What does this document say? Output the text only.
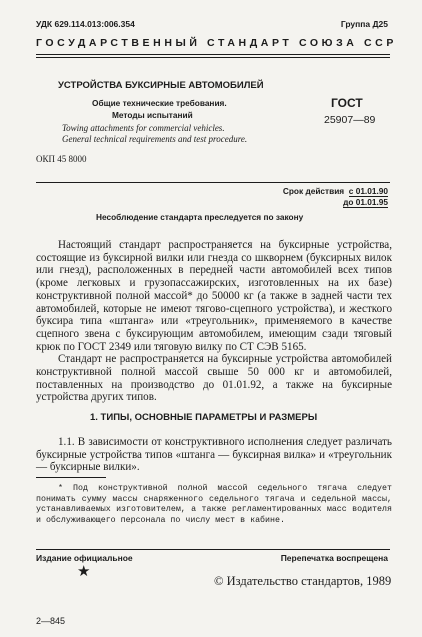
УДК 629.114.013:006.354	Группа Д25
ГОСУДАРСТВЕННЫЙ СТАНДАРТ СОЮЗА ССР
УСТРОЙСТВА БУКСИРНЫЕ АВТОМОБИЛЕЙ
Общие технические требования.
Методы испытаний
Towing attachments for commercial vehicles.
General technical requirements and test procedure.
ГОСТ
25907—89
ОКП 45 8000
Срок действия с 01.01.90
до 01.01.95
Несоблюдение стандарта преследуется по закону

Настоящий стандарт распространяется на буксирные устройства, состоящие из буксирной вилки или гнезда со шкворнем (буксирных вилок или гнезд), расположенных в передней части автомобилей всех типов (кроме легковых и грузопассажирских, изготовленных на их базе) конструктивной полной массой* до 50000 кг (а также в задней части тех автомобилей, которые не имеют тягово-сцепного устройства), и жесткого буксира типа «штанга» или «треугольник», применяемого в качестве сцепного звена с буксирующим автомобилем, имеющим сзади тяговый крюк по ГОСТ 2349 или тяговую вилку по СТ СЭВ 5165.

Стандарт не распространяется на буксирные устройства автомобилей конструктивной полной массой свыше 50 000 кг и автомобилей, поставленных на производство до 01.01.92, а также на буксирные устройства других типов.

1. ТИПЫ, ОСНОВНЫЕ ПАРАМЕТРЫ И РАЗМЕРЫ

1.1. В зависимости от конструктивного исполнения следует различать буксирные устройства типов «штанга — буксирная вилка» и «треугольник — буксирные вилки».

* Под конструктивной полной массой седельного тягача следует понимать сумму массы снаряженного седельного тягача и седельной массы, устанавливаемых изготовителем, а также регламентированных масс водителя и обслуживающего персонала по числу мест в кабине.

Издание официальное	Перепечатка воспрещена
★
© Издательство стандартов, 1989
2—845
